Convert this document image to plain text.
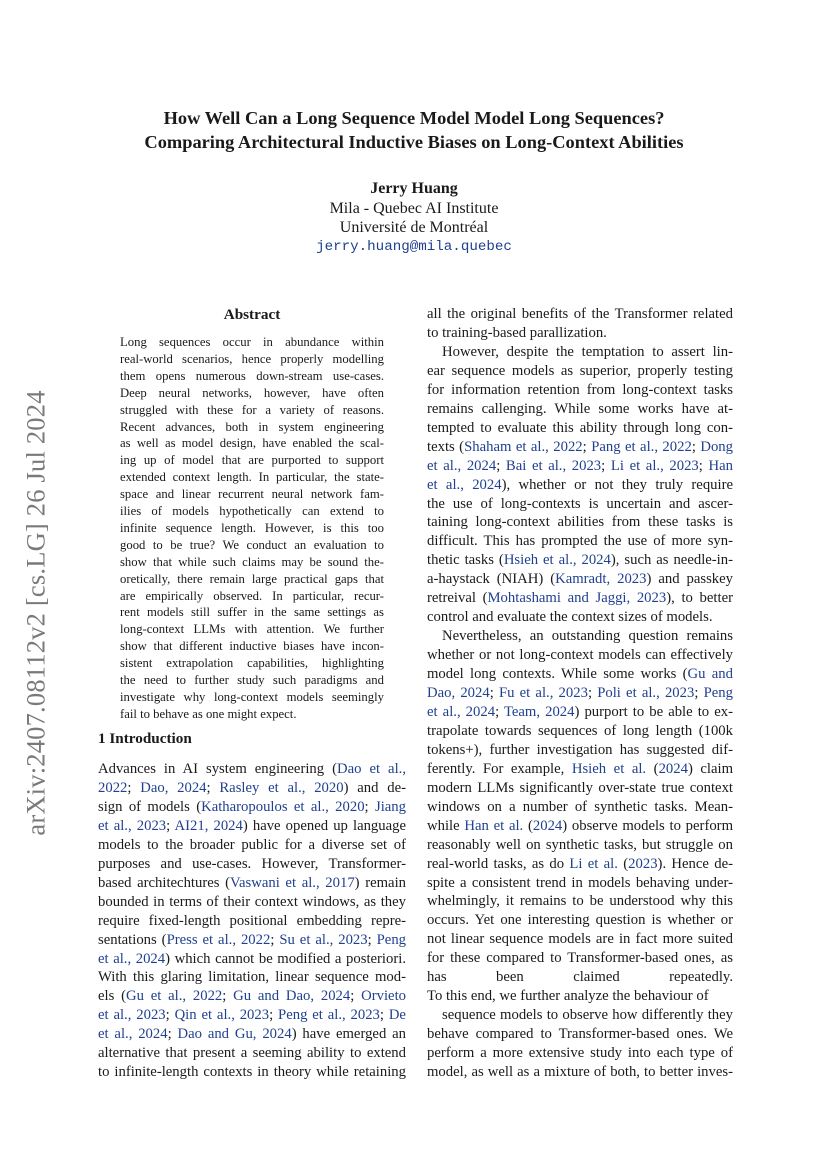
arXiv:2407.08112v2 [cs.LG] 26 Jul 2024
How Well Can a Long Sequence Model Model Long Sequences?
Comparing Architectural Inductive Biases on Long-Context Abilities
Jerry Huang
Mila - Quebec AI Institute
Université de Montréal
jerry.huang@mila.quebec
Abstract
Long sequences occur in abundance within
real-world scenarios, hence properly modelling
them opens numerous down-stream use-cases.
Deep neural networks, however, have often
struggled with these for a variety of reasons.
Recent advances, both in system engineering
as well as model design, have enabled the scal-
ing up of model that are purported to support
extended context length. In particular, the state-
space and linear recurrent neural network fam-
ilies of models hypothetically can extend to
infinite sequence length. However, is this too
good to be true? We conduct an evaluation to
show that while such claims may be sound the-
oretically, there remain large practical gaps that
are empirically observed. In particular, recur-
rent models still suffer in the same settings as
long-context LLMs with attention. We further
show that different inductive biases have incon-
sistent extrapolation capabilities, highlighting
the need to further study such paradigms and
investigate why long-context models seemingly
fail to behave as one might expect.
1 Introduction
Advances in AI system engineering (Dao et al.,
2022; Dao, 2024; Rasley et al., 2020) and de-
sign of models (Katharopoulos et al., 2020; Jiang
et al., 2023; AI21, 2024) have opened up language
models to the broader public for a diverse set of
purposes and use-cases. However, Transformer-
based architechtures (Vaswani et al., 2017) remain
bounded in terms of their context windows, as they
require fixed-length positional embedding repre-
sentations (Press et al., 2022; Su et al., 2023; Peng
et al., 2024) which cannot be modified a posteriori.
With this glaring limitation, linear sequence mod-
els (Gu et al., 2022; Gu and Dao, 2024; Orvieto
et al., 2023; Qin et al., 2023; Peng et al., 2023; De
et al., 2024; Dao and Gu, 2024) have emerged an
alternative that present a seeming ability to extend
to infinite-length contexts in theory while retaining
all the original benefits of the Transformer related
to training-based parallization.
However, despite the temptation to assert lin-
ear sequence models as superior, properly testing
for information retention from long-context tasks
remains callenging. While some works have at-
tempted to evaluate this ability through long con-
texts (Shaham et al., 2022; Pang et al., 2022; Dong
et al., 2024; Bai et al., 2023; Li et al., 2023; Han
et al., 2024), whether or not they truly require
the use of long-contexts is uncertain and ascer-
taining long-context abilities from these tasks is
difficult. This has prompted the use of more syn-
thetic tasks (Hsieh et al., 2024), such as needle-in-
a-haystack (NIAH) (Kamradt, 2023) and passkey
retreival (Mohtashami and Jaggi, 2023), to better
control and evaluate the context sizes of models.
Nevertheless, an outstanding question remains
whether or not long-context models can effectively
model long contexts. While some works (Gu and
Dao, 2024; Fu et al., 2023; Poli et al., 2023; Peng
et al., 2024; Team, 2024) purport to be able to ex-
trapolate towards sequences of long length (100k
tokens+), further investigation has suggested dif-
ferently. For example, Hsieh et al. (2024) claim
modern LLMs significantly over-state true context
windows on a number of synthetic tasks. Mean-
while Han et al. (2024) observe models to perform
reasonably well on synthetic tasks, but struggle on
real-world tasks, as do Li et al. (2023). Hence de-
spite a consistent trend in models behaving under-
whelmingly, it remains to be understood why this
occurs. Yet one interesting question is whether or
not linear sequence models are in fact more suited
for these compared to Transformer-based ones, as
has been claimed repeatedly.
To this end, we further analyze the behaviour of
sequence models to observe how differently they
behave compared to Transformer-based ones. We
perform a more extensive study into each type of
model, as well as a mixture of both, to better inves-
